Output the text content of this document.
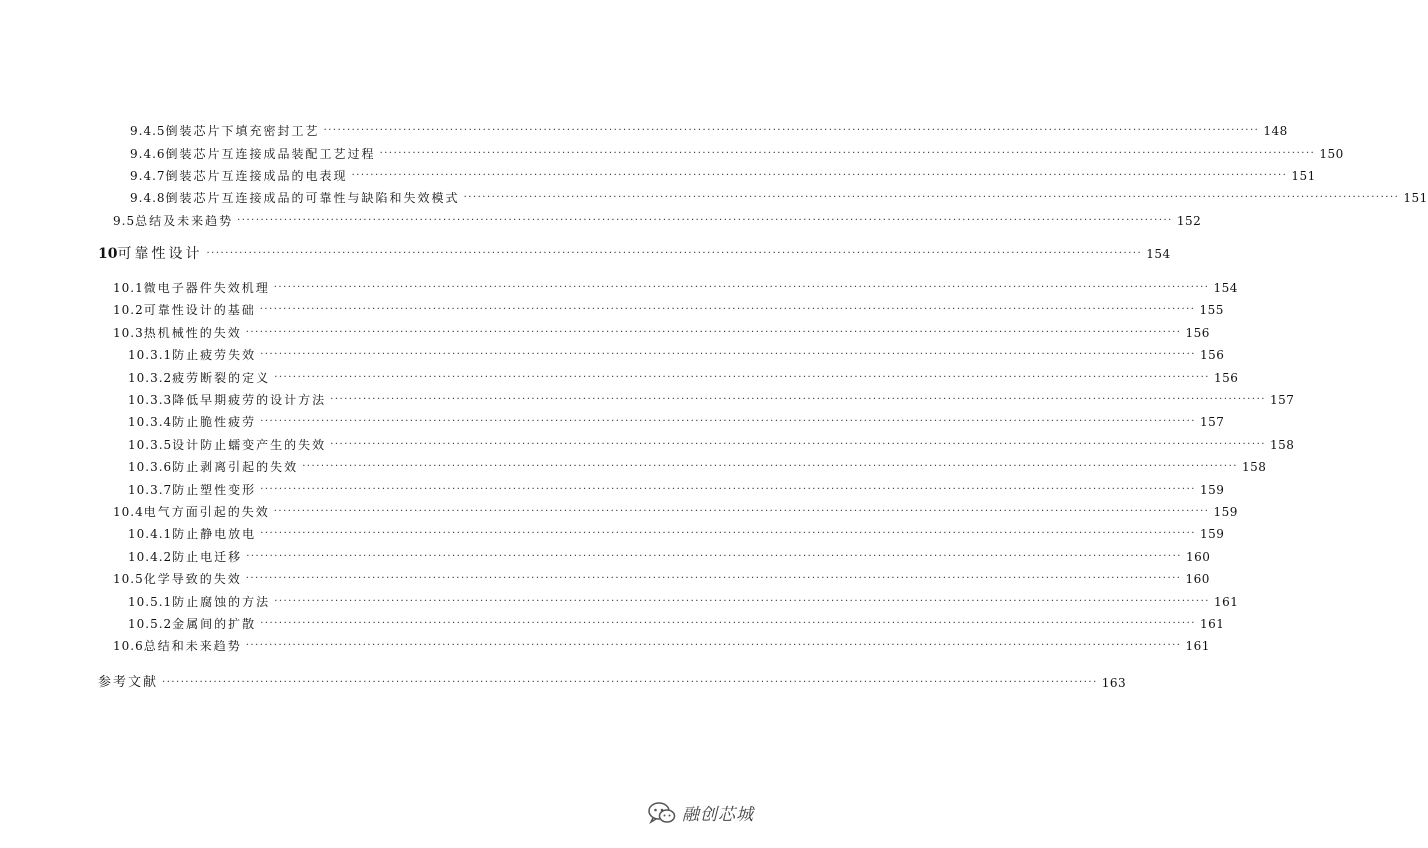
9.4.5 倒装芯片下填充密封工艺 ········································································································································································································ 148
9.4.6 倒装芯片互连接成品装配工艺过程 ········································································································································································································ 150
9.4.7 倒装芯片互连接成品的电表现 ········································································································································································································ 151
9.4.8 倒装芯片互连接成品的可靠性与缺陷和失效模式 ········································································································································································································ 151
9.5 总结及未来趋势 ········································································································································································································ 152
10 可靠性设计 ········································································································································································································ 154
10.1 微电子器件失效机理 ········································································································································································································ 154
10.2 可靠性设计的基础 ········································································································································································································ 155
10.3 热机械性的失效 ········································································································································································································ 156
10.3.1 防止疲劳失效 ········································································································································································································ 156
10.3.2 疲劳断裂的定义 ········································································································································································································ 156
10.3.3 降低早期疲劳的设计方法 ········································································································································································································ 157
10.3.4 防止脆性疲劳 ········································································································································································································ 157
10.3.5 设计防止蠕变产生的失效 ········································································································································································································ 158
10.3.6 防止剥离引起的失效 ········································································································································································································ 158
10.3.7 防止塑性变形 ········································································································································································································ 159
10.4 电气方面引起的失效 ········································································································································································································ 159
10.4.1 防止静电放电 ········································································································································································································ 159
10.4.2 防止电迁移 ········································································································································································································ 160
10.5 化学导致的失效 ········································································································································································································ 160
10.5.1 防止腐蚀的方法 ········································································································································································································ 161
10.5.2 金属间的扩散 ········································································································································································································ 161
10.6 总结和未来趋势 ········································································································································································································ 161
参考文献 ········································································································································································································ 163
融创芯城
